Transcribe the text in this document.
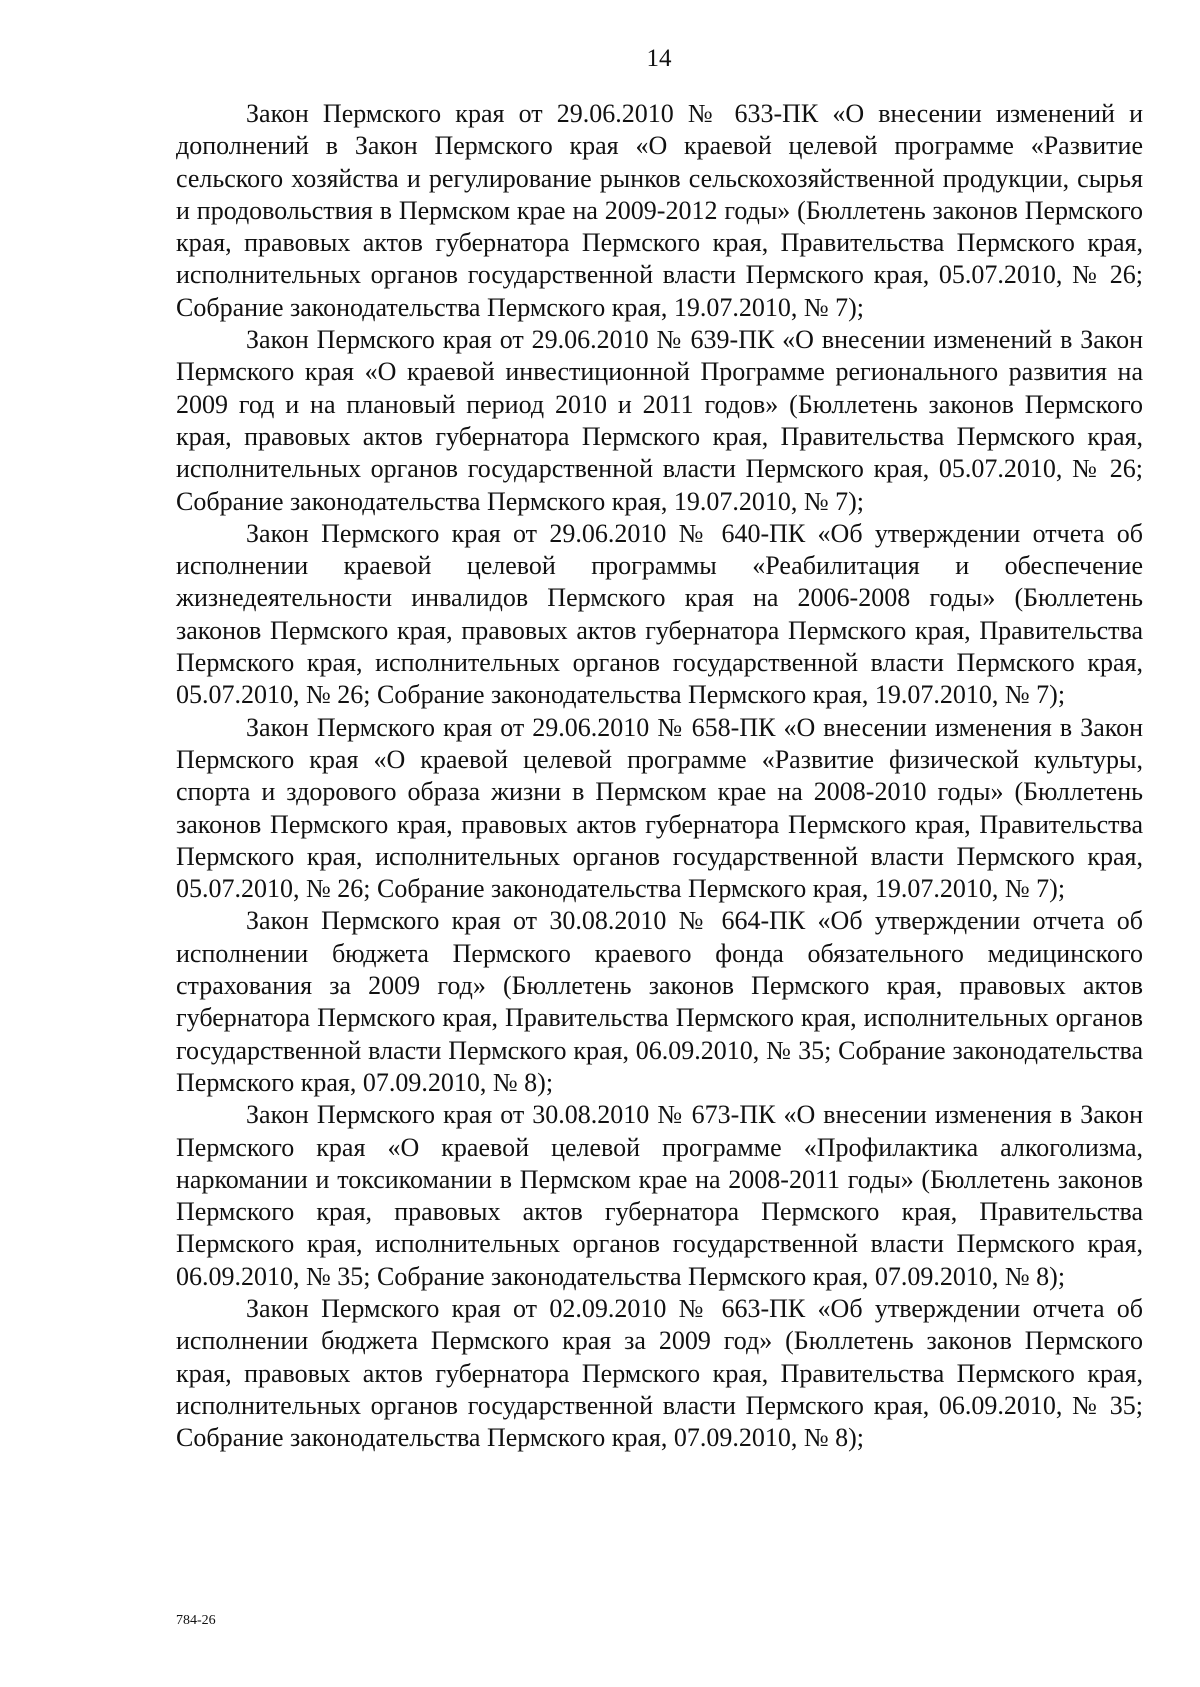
14

Закон Пермского края от 29.06.2010 № 633-ПК «О внесении изменений и дополнений в Закон Пермского края «О краевой целевой программе «Развитие сельского хозяйства и регулирование рынков сельскохозяйственной продукции, сырья и продовольствия в Пермском крае на 2009-2012 годы» (Бюллетень законов Пермского края, правовых актов губернатора Пермского края, Правительства Пермского края, исполнительных органов государственной власти Пермского края, 05.07.2010, № 26; Собрание законодательства Пермского края, 19.07.2010, № 7);

Закон Пермского края от 29.06.2010 № 639-ПК «О внесении изменений в Закон Пермского края «О краевой инвестиционной Программе регионального развития на 2009 год и на плановый период 2010 и 2011 годов» (Бюллетень законов Пермского края, правовых актов губернатора Пермского края, Правительства Пермского края, исполнительных органов государственной власти Пермского края, 05.07.2010, № 26; Собрание законодательства Пермского края, 19.07.2010, № 7);

Закон Пермского края от 29.06.2010 № 640-ПК «Об утверждении отчета об исполнении краевой целевой программы «Реабилитация и обеспечение жизнедеятельности инвалидов Пермского края на 2006-2008 годы» (Бюллетень законов Пермского края, правовых актов губернатора Пермского края, Правительства Пермского края, исполнительных органов государственной власти Пермского края, 05.07.2010, № 26; Собрание законодательства Пермского края, 19.07.2010, № 7);

Закон Пермского края от 29.06.2010 № 658-ПК «О внесении изменения в Закон Пермского края «О краевой целевой программе «Развитие физической культуры, спорта и здорового образа жизни в Пермском крае на 2008-2010 годы» (Бюллетень законов Пермского края, правовых актов губернатора Пермского края, Правительства Пермского края, исполнительных органов государственной власти Пермского края, 05.07.2010, № 26; Собрание законодательства Пермского края, 19.07.2010, № 7);

Закон Пермского края от 30.08.2010 № 664-ПК «Об утверждении отчета об исполнении бюджета Пермского краевого фонда обязательного медицинского страхования за 2009 год» (Бюллетень законов Пермского края, правовых актов губернатора Пермского края, Правительства Пермского края, исполнительных органов государственной власти Пермского края, 06.09.2010, № 35; Собрание законодательства Пермского края, 07.09.2010, № 8);

Закон Пермского края от 30.08.2010 № 673-ПК «О внесении изменения в Закон Пермского края «О краевой целевой программе «Профилактика алкоголизма, наркомании и токсикомании в Пермском крае на 2008-2011 годы» (Бюллетень законов Пермского края, правовых актов губернатора Пермского края, Правительства Пермского края, исполнительных органов государственной власти Пермского края, 06.09.2010, № 35; Собрание законодательства Пермского края, 07.09.2010, № 8);

Закон Пермского края от 02.09.2010 № 663-ПК «Об утверждении отчета об исполнении бюджета Пермского края за 2009 год» (Бюллетень законов Пермского края, правовых актов губернатора Пермского края, Правительства Пермского края, исполнительных органов государственной власти Пермского края, 06.09.2010, № 35; Собрание законодательства Пермского края, 07.09.2010, № 8);

784-26
